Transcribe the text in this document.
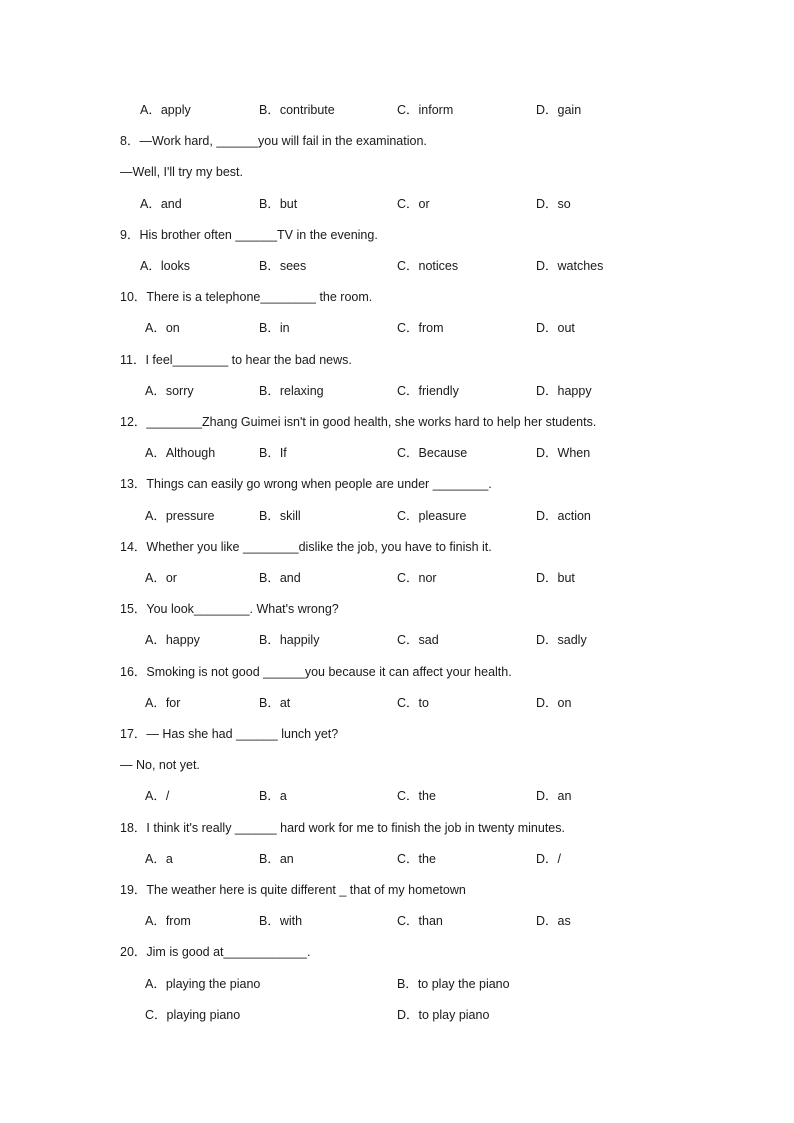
A．apply	B．contribute	C．inform	D．gain
8．—Work hard, ______you will fail in the examination.
—Well, I'll try my best.
A．and	B．but	C．or	D．so
9．His brother often ______TV in the evening.
A．looks	B．sees	C．notices	D．watches
10．There is a telephone________ the room.
A．on	B．in	C．from	D．out
11．I feel________ to hear the bad news.
A．sorry	B．relaxing	C．friendly	D．happy
12．________Zhang Guimei isn't in good health, she works hard to help her students.
A．Although	B．If	C．Because	D．When
13．Things can easily go wrong when people are under ________.
A．pressure	B．skill	C．pleasure	D．action
14．Whether you like ________dislike the job, you have to finish it.
A．or	B．and	C．nor	D．but
15．You look________. What's wrong?
A．happy	B．happily	C．sad	D．sadly
16．Smoking is not good ______you because it can affect your health.
A．for	B．at	C．to	D．on
17．— Has she had ______ lunch yet?
— No, not yet.
A．/	B．a	C．the	D．an
18．I think it's really ______ hard work for me to finish the job in twenty minutes.
A．a	B．an	C．the	D．/
19．The weather here is quite different _ that of my hometown
A．from	B．with	C．than	D．as
20．Jim is good at____________.
A．playing the piano	B．to play the piano
C．playing piano	D．to play piano
